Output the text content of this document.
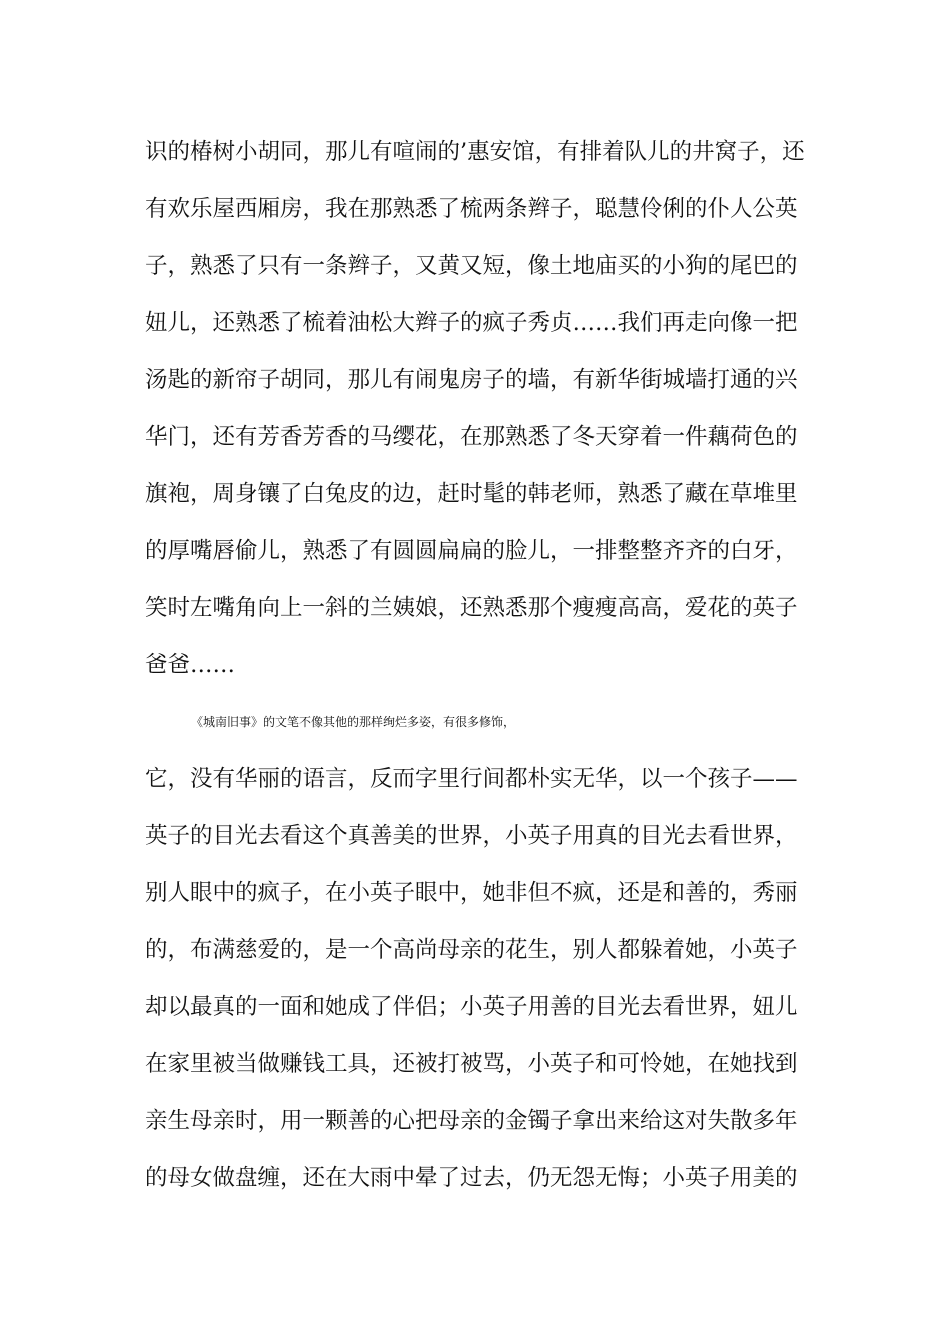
识的椿树小胡同，那儿有喧闹的’惠安馆，有排着队儿的井窝子，还
有欢乐屋西厢房，我在那熟悉了梳两条辫子，聪慧伶俐的仆人公英
子，熟悉了只有一条辫子，又黄又短，像土地庙买的小狗的尾巴的
妞儿，还熟悉了梳着油松大辫子的疯子秀贞……我们再走向像一把
汤匙的新帘子胡同，那儿有闹鬼房子的墙，有新华街城墙打通的兴
华门，还有芳香芳香的马缨花，在那熟悉了冬天穿着一件藕荷色的
旗袍，周身镶了白兔皮的边，赶时髦的韩老师，熟悉了藏在草堆里
的厚嘴唇偷儿，熟悉了有圆圆扁扁的脸儿，一排整整齐齐的白牙，
笑时左嘴角向上一斜的兰姨娘，还熟悉那个瘦瘦高高，爱花的英子
爸爸……
《城南旧事》的文笔不像其他的那样绚烂多姿，有很多修饰，
它，没有华丽的语言，反而字里行间都朴实无华，以一个孩子——
英子的目光去看这个真善美的世界，小英子用真的目光去看世界，
别人眼中的疯子，在小英子眼中，她非但不疯，还是和善的，秀丽
的，布满慈爱的，是一个高尚母亲的花生，别人都躲着她，小英子
却以最真的一面和她成了伴侣；小英子用善的目光去看世界，妞儿
在家里被当做赚钱工具，还被打被骂，小英子和可怜她，在她找到
亲生母亲时，用一颗善的心把母亲的金镯子拿出来给这对失散多年
的母女做盘缠，还在大雨中晕了过去，仍无怨无悔；小英子用美的
